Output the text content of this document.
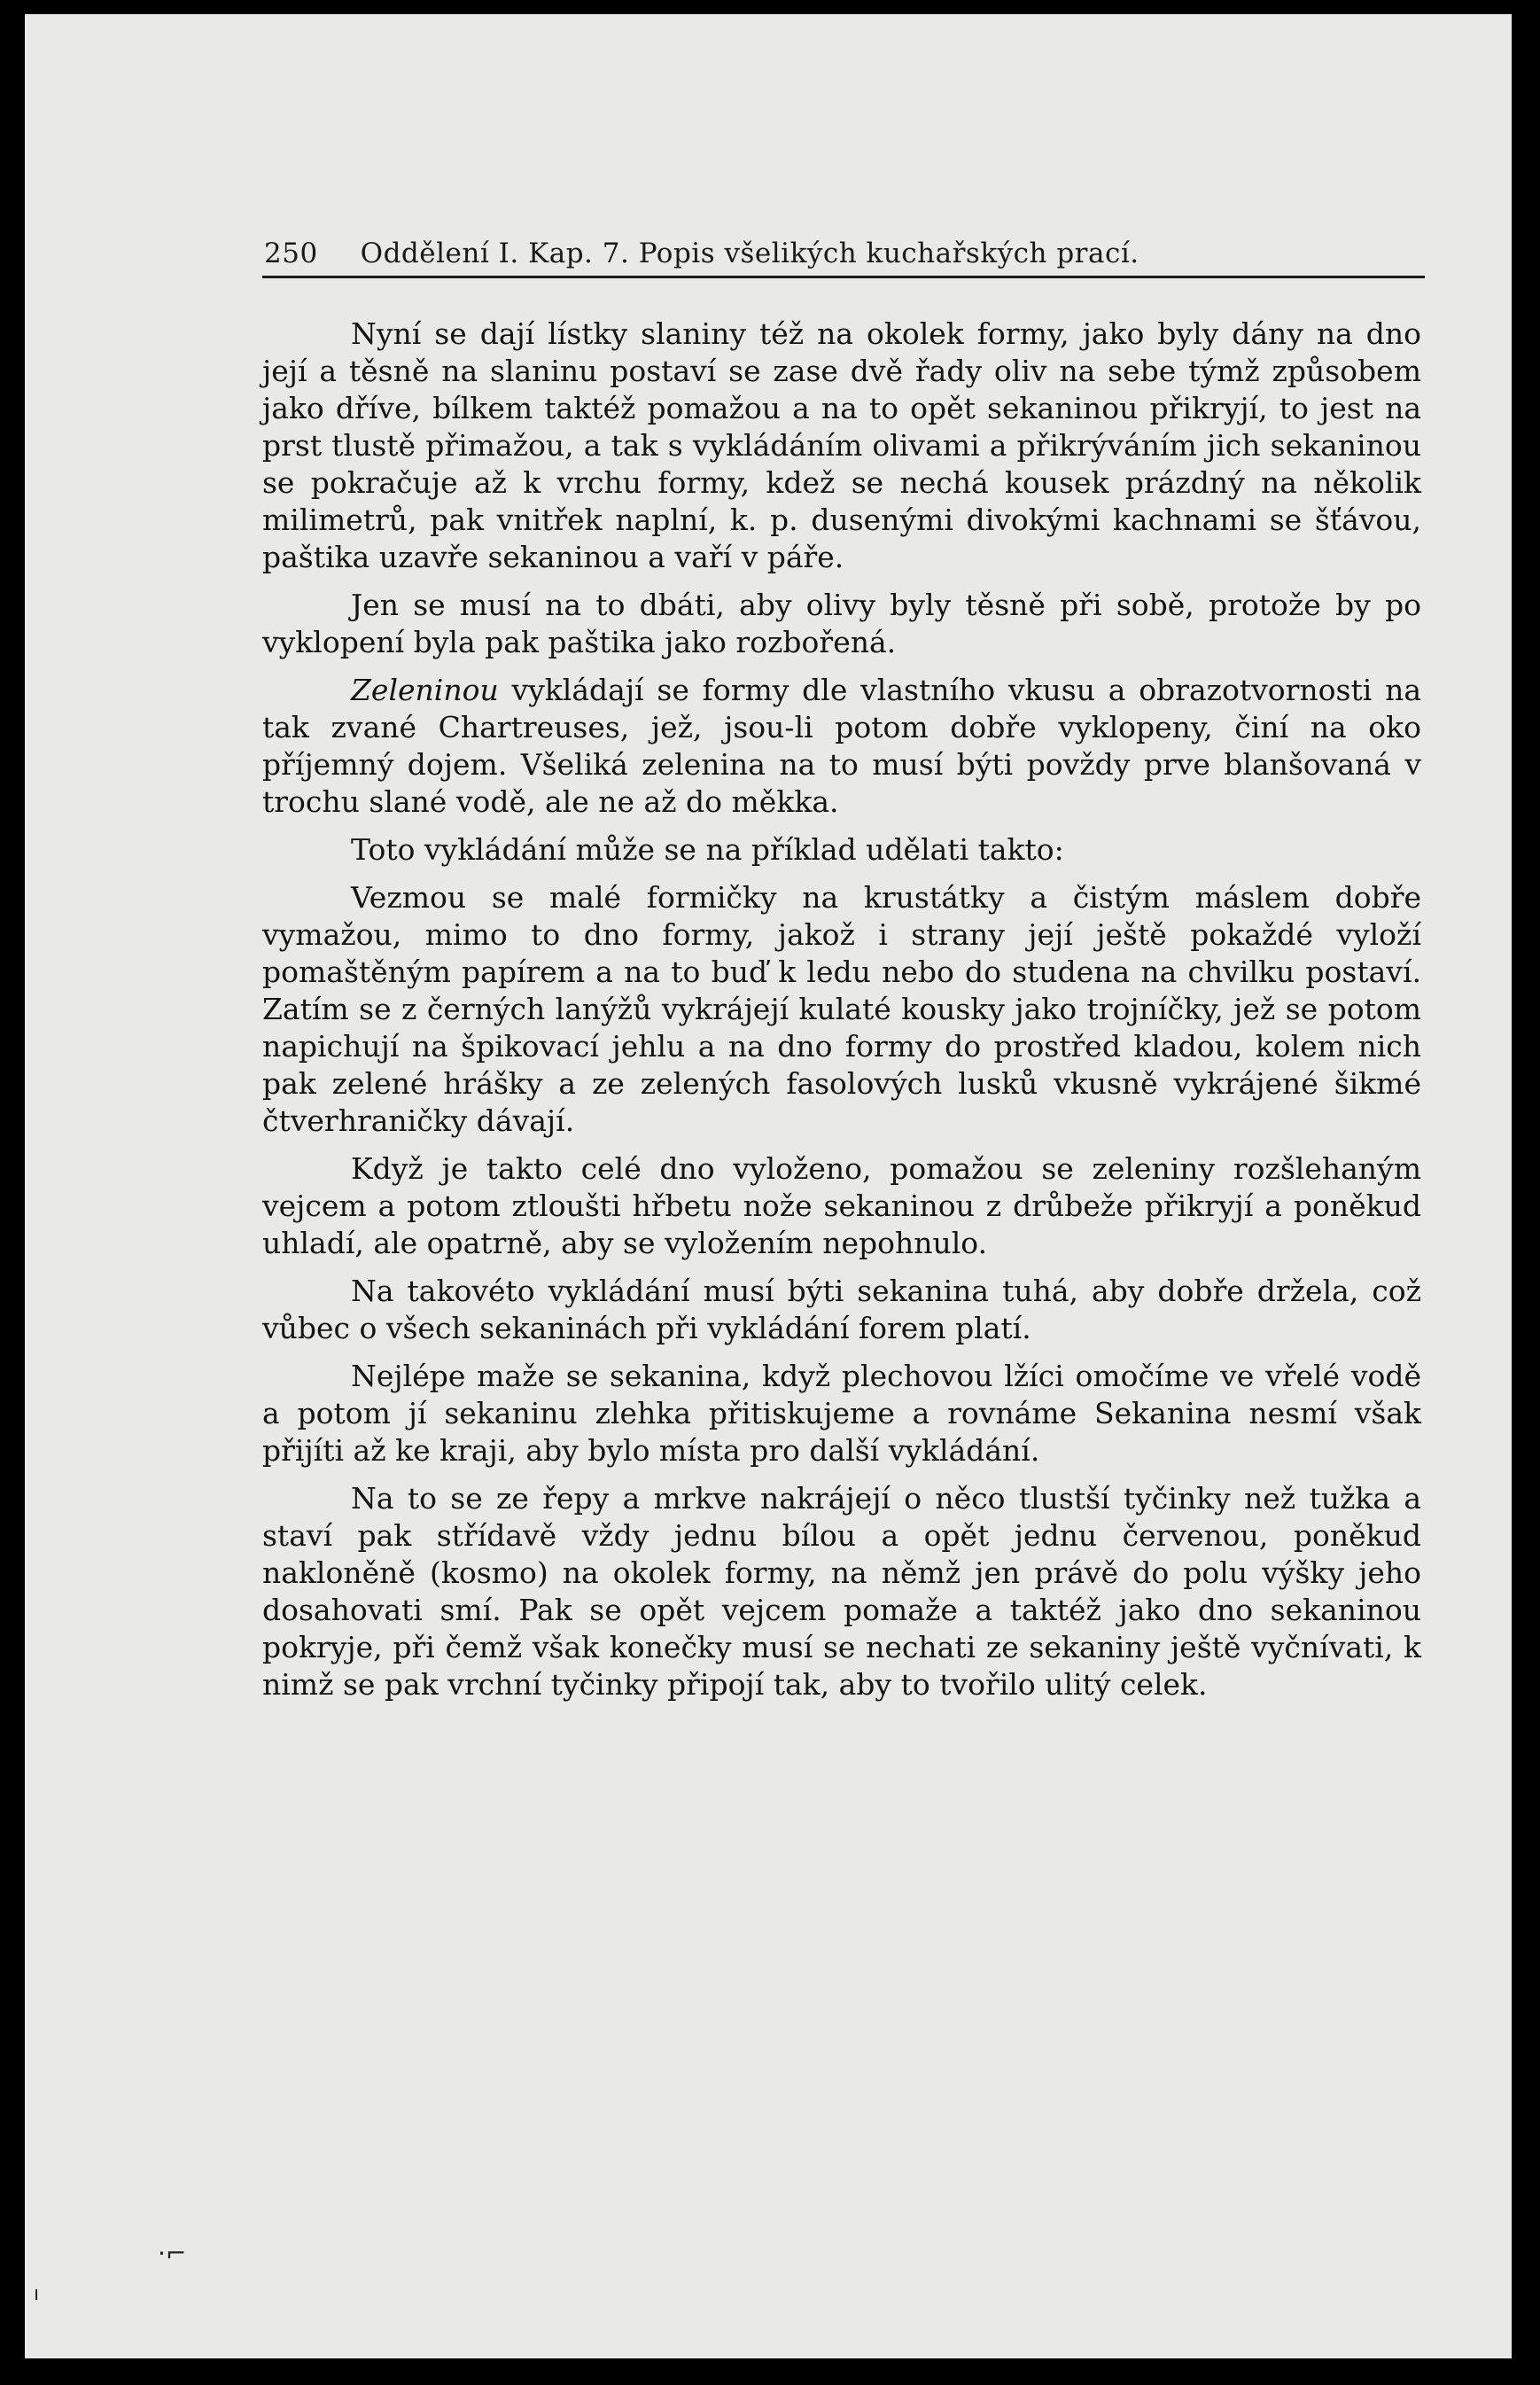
250 Oddělení I. Kap. 7. Popis všelikých kuchařských prací.

Nyní se dají lístky slaniny též na okolek formy, jako byly dány na dno její a těsně na slaninu postaví se zase dvě řady oliv na sebe týmž způsobem jako dříve, bílkem taktéž pomažou a na to opět sekaninou přikryjí, to jest na prst tlustě přimažou, a tak s vykládáním olivami a přikrýváním jich sekaninou se pokračuje až k vrchu formy, kdež se nechá kousek prázdný na několik milimetrů, pak vnitřek naplní, k. p. dusenými divokými kachnami se šťávou, paštika uzavře sekaninou a vaří v páře.

Jen se musí na to dbáti, aby olivy byly těsně při sobě, protože by po vyklopení byla pak paštika jako rozbořená.

Zeleninou vykládají se formy dle vlastního vkusu a obrazotvornosti na tak zvané Chartreuses, jež, jsou-li potom dobře vyklopeny, činí na oko příjemný dojem. Všeliká zelenina na to musí býti povždy prve blanšovaná v trochu slané vodě, ale ne až do měkka.

Toto vykládání může se na příklad udělati takto:

Vezmou se malé formičky na krustátky a čistým máslem dobře vymažou, mimo to dno formy, jakož i strany její ještě pokaždé vyloží pomaštěným papírem a na to buď k ledu nebo do studena na chvilku postaví. Zatím se z černých lanýžů vykrájejí kulaté kousky jako trojníčky, jež se potom napichují na špikovací jehlu a na dno formy do prostřed kladou, kolem nich pak zelené hrášky a ze zelených fasolových lusků vkusně vykrájené šikmé čtverhraničky dávají.

Když je takto celé dno vyloženo, pomažou se zeleniny rozšlehaným vejcem a potom ztloušti hřbetu nože sekaninou z drůbeže přikryjí a poněkud uhladí, ale opatrně, aby se vyložením nepohnulo.

Na takovéto vykládání musí býti sekanina tuhá, aby dobře držela, což vůbec o všech sekaninách při vykládání forem platí.

Nejlépe maže se sekanina, když plechovou lžíci omočíme ve vřelé vodě a potom jí sekaninu zlehka přitiskujeme a rovnáme Sekanina nesmí však přijíti až ke kraji, aby bylo místa pro další vykládání.

Na to se ze řepy a mrkve nakrájejí o něco tlustší tyčinky než tužka a staví pak střídavě vždy jednu bílou a opět jednu červenou, poněkud nakloněně (kosmo) na okolek formy, na němž jen právě do polu výšky jeho dosahovati smí. Pak se opět vejcem pomaže a taktéž jako dno sekaninou pokryje, při čemž však konečky musí se nechati ze sekaniny ještě vyčnívati, k nimž se pak vrchní tyčinky připojí tak, aby to tvořilo ulitý celek.

·⌐
ı
